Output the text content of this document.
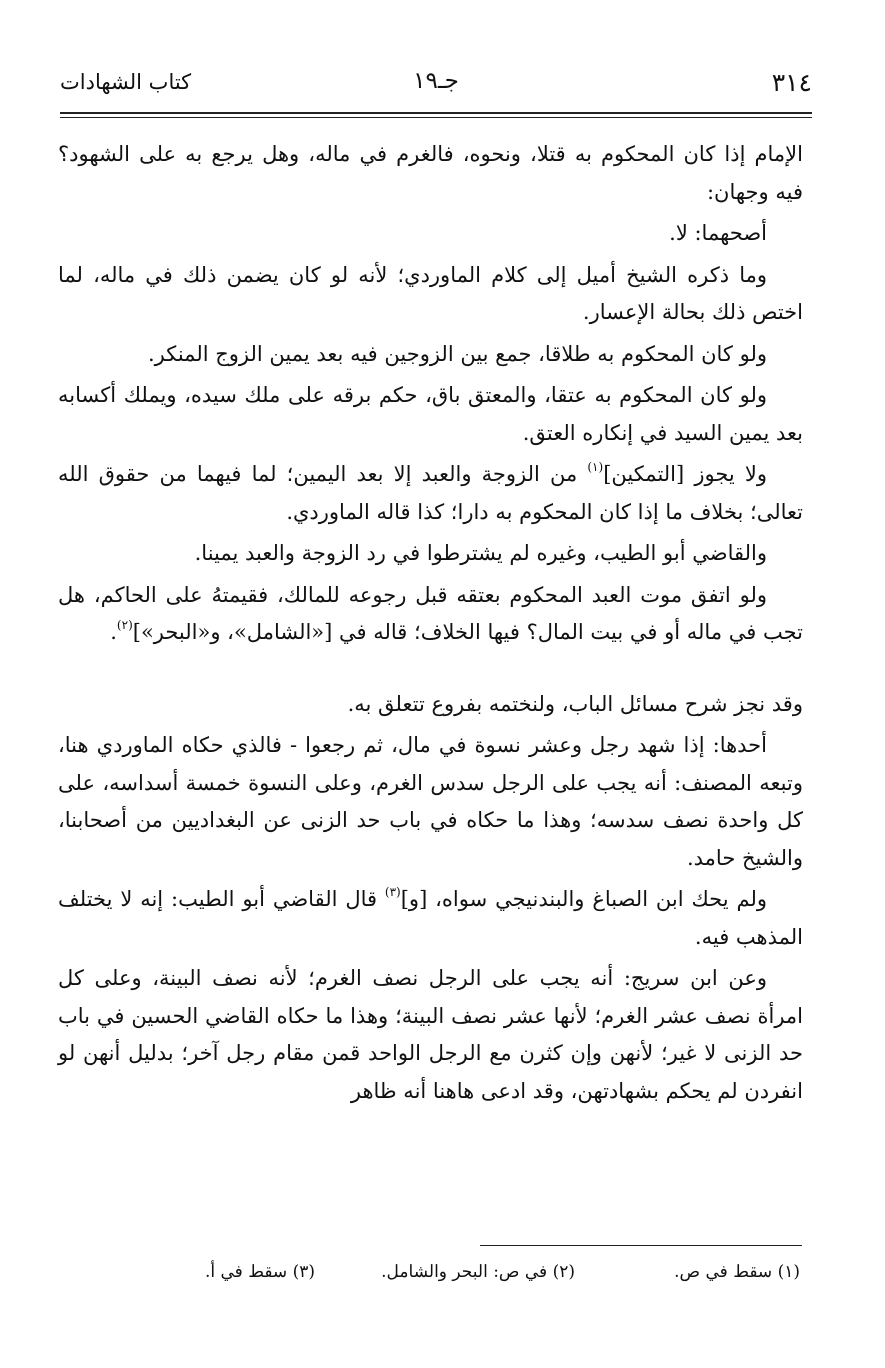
٣١٤
جـ١٩
كتاب الشهادات

الإمام إذا كان المحكوم به قتلا، ونحوه، فالغرم في ماله، وهل يرجع به على الشهود؟ فيه وجهان:

أصحهما: لا.

وما ذكره الشيخ أميل إلى كلام الماوردي؛ لأنه لو كان يضمن ذلك في ماله، لما اختص ذلك بحالة الإعسار.

ولو كان المحكوم به طلاقا، جمع بين الزوجين فيه بعد يمين الزوج المنكر.

ولو كان المحكوم به عتقا، والمعتق باق، حكم برقه على ملك سيده، ويملك أكسابه بعد يمين السيد في إنكاره العتق.

ولا يجوز [التمكين]$^{(١)}$ من الزوجة والعبد إلا بعد اليمين؛ لما فيهما من حقوق الله تعالى؛ بخلاف ما إذا كان المحكوم به دارا؛ كذا قاله الماوردي.

والقاضي أبو الطيب، وغيره لم يشترطوا في رد الزوجة والعبد يمينا.

ولو اتفق موت العبد المحكوم بعتقه قبل رجوعه للمالك، فقيمتهُ على الحاكم، هل تجب في ماله أو في بيت المال؟ فيها الخلاف؛ قاله في [«الشامل»، و«البحر»]$^{(٢)}$.

وقد نجز شرح مسائل الباب، ولنختمه بفروع تتعلق به.

أحدها: إذا شهد رجل وعشر نسوة في مال، ثم رجعوا - فالذي حكاه الماوردي هنا، وتبعه المصنف: أنه يجب على الرجل سدس الغرم، وعلى النسوة خمسة أسداسه، على كل واحدة نصف سدسه؛ وهذا ما حكاه في باب حد الزنى عن البغداديين من أصحابنا، والشيخ حامد.

ولم يحك ابن الصباغ والبندنيجي سواه، [و]$^{(٣)}$ قال القاضي أبو الطيب: إنه لا يختلف المذهب فيه.

وعن ابن سريج: أنه يجب على الرجل نصف الغرم؛ لأنه نصف البينة، وعلى كل امرأة نصف عشر الغرم؛ لأنها عشر نصف البينة؛ وهذا ما حكاه القاضي الحسين في باب حد الزنى لا غير؛ لأنهن وإن كثرن مع الرجل الواحد قمن مقام رجل آخر؛ بدليل أنهن لو انفردن لم يحكم بشهادتهن، وقد ادعى هاهنا أنه ظاهر

(١) سقط في ص.
(٢) في ص: البحر والشامل.
(٣) سقط في أ.
